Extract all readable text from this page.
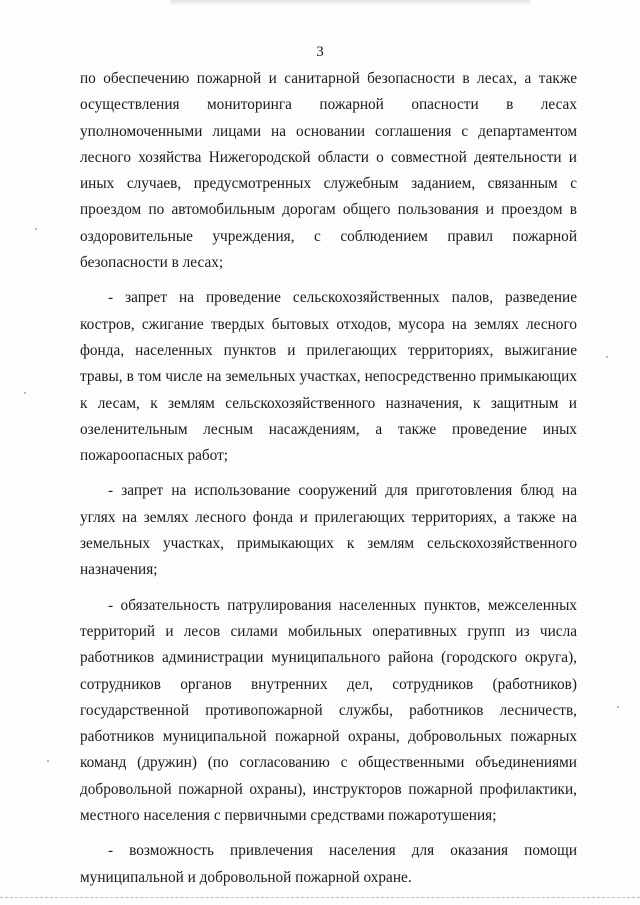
3

по обеспечению пожарной и санитарной безопасности в лесах, а также осуществления мониторинга пожарной опасности в лесах уполномоченными лицами на основании соглашения с департаментом лесного хозяйства Нижегородской области о совместной деятельности и иных случаев, предусмотренных служебным заданием, связанным с проездом по автомобильным дорогам общего пользования и проездом в оздоровительные учреждения, с соблюдением правил пожарной безопасности в лесах;

- запрет на проведение сельскохозяйственных палов, разведение костров, сжигание твердых бытовых отходов, мусора на землях лесного фонда, населенных пунктов и прилегающих территориях, выжигание травы, в том числе на земельных участках, непосредственно примыкающих к лесам, к землям сельскохозяйственного назначения, к защитным и озеленительным лесным насаждениям, а также проведение иных пожароопасных работ;

- запрет на использование сооружений для приготовления блюд на углях на землях лесного фонда и прилегающих территориях, а также на земельных участках, примыкающих к землям сельскохозяйственного назначения;

- обязательность патрулирования населенных пунктов, межселенных территорий и лесов силами мобильных оперативных групп из числа работников администрации муниципального района (городского округа), сотрудников органов внутренних дел, сотрудников (работников) государственной противопожарной службы, работников лесничеств, работников муниципальной пожарной охраны, добровольных пожарных команд (дружин) (по согласованию с общественными объединениями добровольной пожарной охраны), инструкторов пожарной профилактики, местного населения с первичными средствами пожаротушения;

- возможность привлечения населения для оказания помощи муниципальной и добровольной пожарной охране.
